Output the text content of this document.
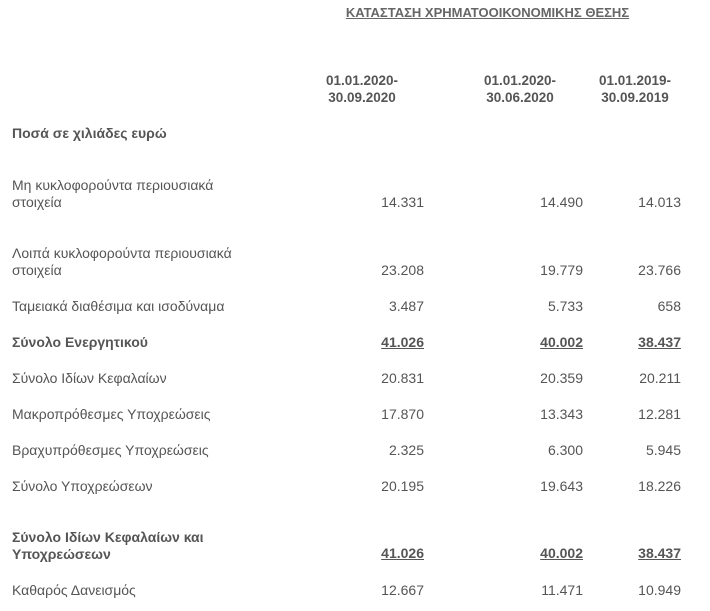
ΚΑΤΑΣΤΑΣΗ ΧΡΗΜΑΤΟΟΙΚΟΝΟΜΙΚΗΣ ΘΕΣΗΣ
01.01.2020-
30.09.2020
01.01.2020-
30.06.2020
01.01.2019-
30.09.2019
Ποσά σε χιλιάδες ευρώ
Μη κυκλοφορούντα περιουσιακά στοιχεία	14.331	14.490	14.013
Λοιπά κυκλοφορούντα περιουσιακά στοιχεία	23.208	19.779	23.766
Ταμειακά διαθέσιμα και ισοδύναμα	3.487	5.733	658
Σύνολο Ενεργητικού	41.026	40.002	38.437
Σύνολο Ιδίων Κεφαλαίων	20.831	20.359	20.211
Μακροπρόθεσμες Υποχρεώσεις	17.870	13.343	12.281
Βραχυπρόθεσμες Υποχρεώσεις	2.325	6.300	5.945
Σύνολο Υποχρεώσεων	20.195	19.643	18.226
Σύνολο Ιδίων Κεφαλαίων και Υποχρεώσεων	41.026	40.002	38.437
Καθαρός Δανεισμός	12.667	11.471	10.949
